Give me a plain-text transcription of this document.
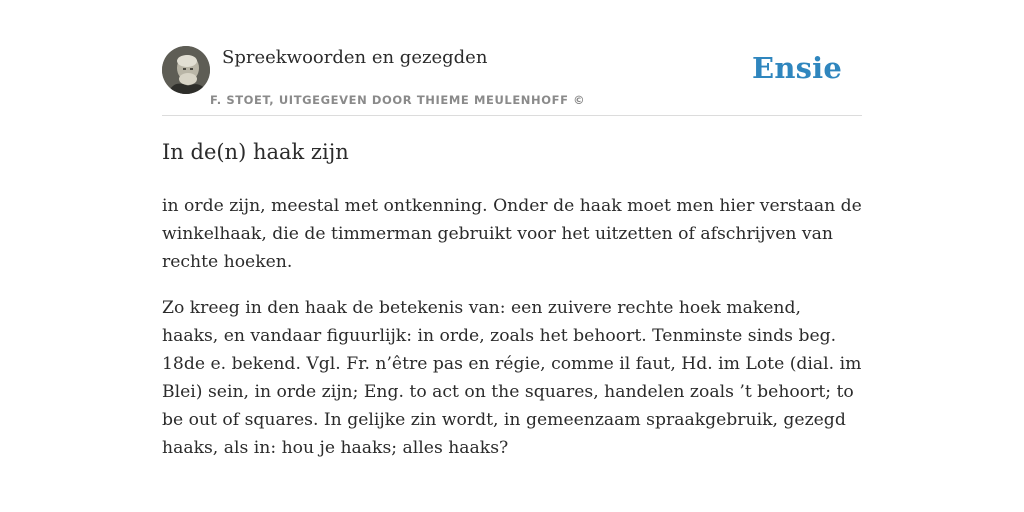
Spreekwoorden en gezegden
F. STOET, UITGEGEVEN DOOR THIEME MEULENHOFF ©
Ensie
In de(n) haak zijn

in orde zijn, meestal met ontkenning. Onder de haak moet men hier verstaan de winkelhaak, die de timmerman gebruikt voor het uitzetten of afschrijven van rechte hoeken.

Zo kreeg in den haak de betekenis van: een zuivere rechte hoek makend, haaks, en vandaar figuurlijk: in orde, zoals het behoort. Tenminste sinds beg. 18de e. bekend. Vgl. Fr. n’être pas en régie, comme il faut, Hd. im Lote (dial. im Blei) sein, in orde zijn; Eng. to act on the squares, handelen zoals ’t behoort; to be out of squares. In gelijke zin wordt, in gemeenzaam spraakgebruik, gezegd haaks, als in: hou je haaks; alles haaks?
